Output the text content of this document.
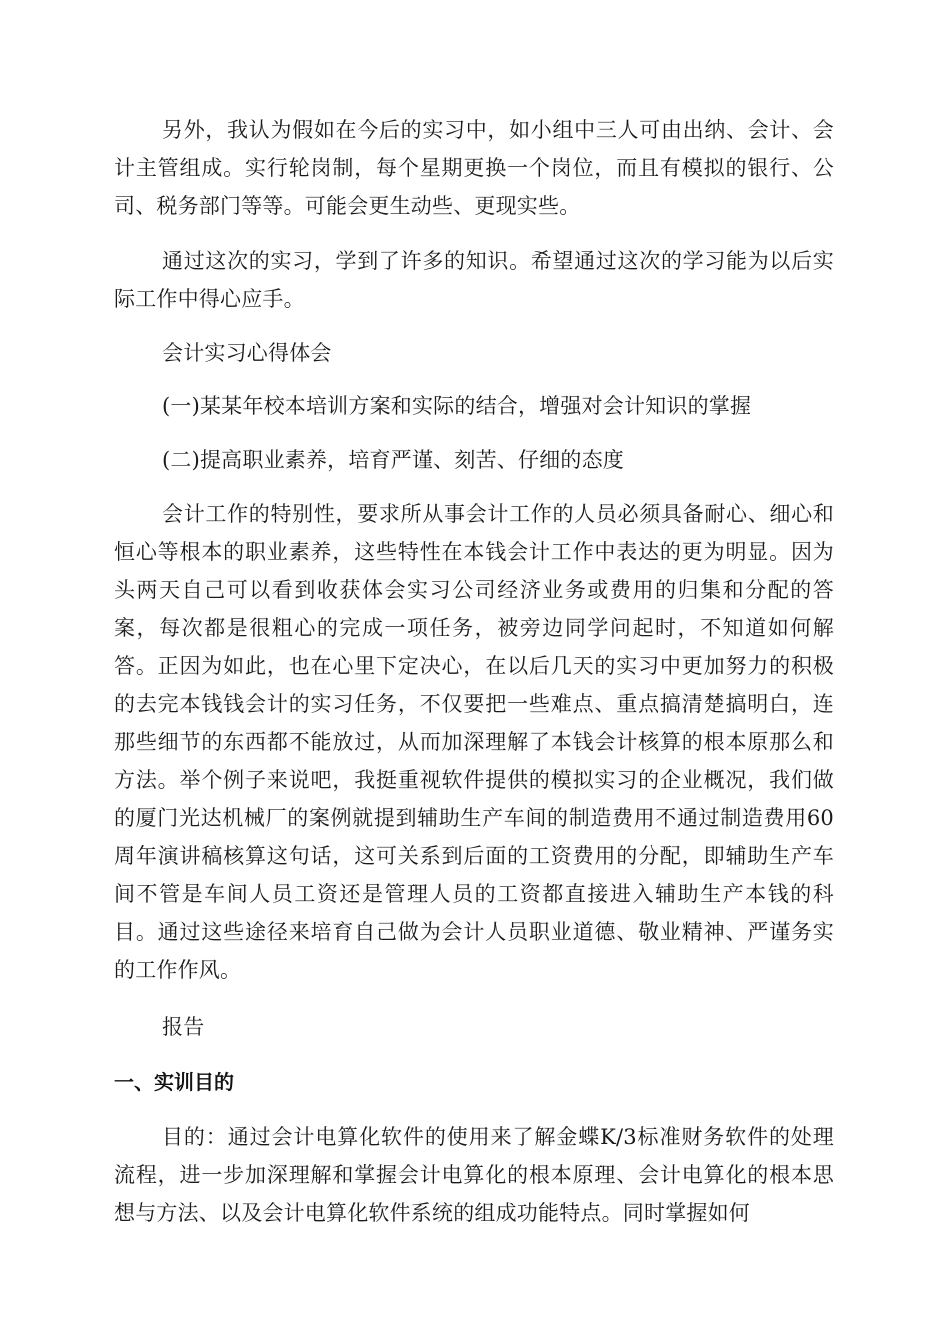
另外，我认为假如在今后的实习中，如小组中三人可由出纳、会计、会计主管组成。实行轮岗制，每个星期更换一个岗位，而且有模拟的银行、公司、税务部门等等。可能会更生动些、更现实些。

通过这次的实习，学到了许多的知识。希望通过这次的学习能为以后实际工作中得心应手。

会计实习心得体会
(一)某某年校本培训方案和实际的结合，增强对会计知识的掌握
(二)提高职业素养，培育严谨、刻苦、仔细的态度

会计工作的特别性，要求所从事会计工作的人员必须具备耐心、细心和恒心等根本的职业素养，这些特性在本钱会计工作中表达的更为明显。因为头两天自己可以看到收获体会实习公司经济业务或费用的归集和分配的答案，每次都是很粗心的完成一项任务，被旁边同学问起时，不知道如何解答。正因为如此，也在心里下定决心，在以后几天的实习中更加努力的积极的去完本钱钱会计的实习任务，不仅要把一些难点、重点搞清楚搞明白，连那些细节的东西都不能放过，从而加深理解了本钱会计核算的根本原那么和方法。举个例子来说吧，我挺重视软件提供的模拟实习的企业概况，我们做的厦门光达机械厂的案例就提到辅助生产车间的制造费用不通过制造费用60周年演讲稿核算这句话，这可关系到后面的工资费用的分配，即辅助生产车间不管是车间人员工资还是管理人员的工资都直接进入辅助生产本钱的科目。通过这些途径来培育自己做为会计人员职业道德、敬业精神、严谨务实的工作作风。

报告
一、实训目的

目的：通过会计电算化软件的使用来了解金蝶K/3标准财务软件的处理流程，进一步加深理解和掌握会计电算化的根本原理、会计电算化的根本思想与方法、以及会计电算化软件系统的组成功能特点。同时掌握如何
